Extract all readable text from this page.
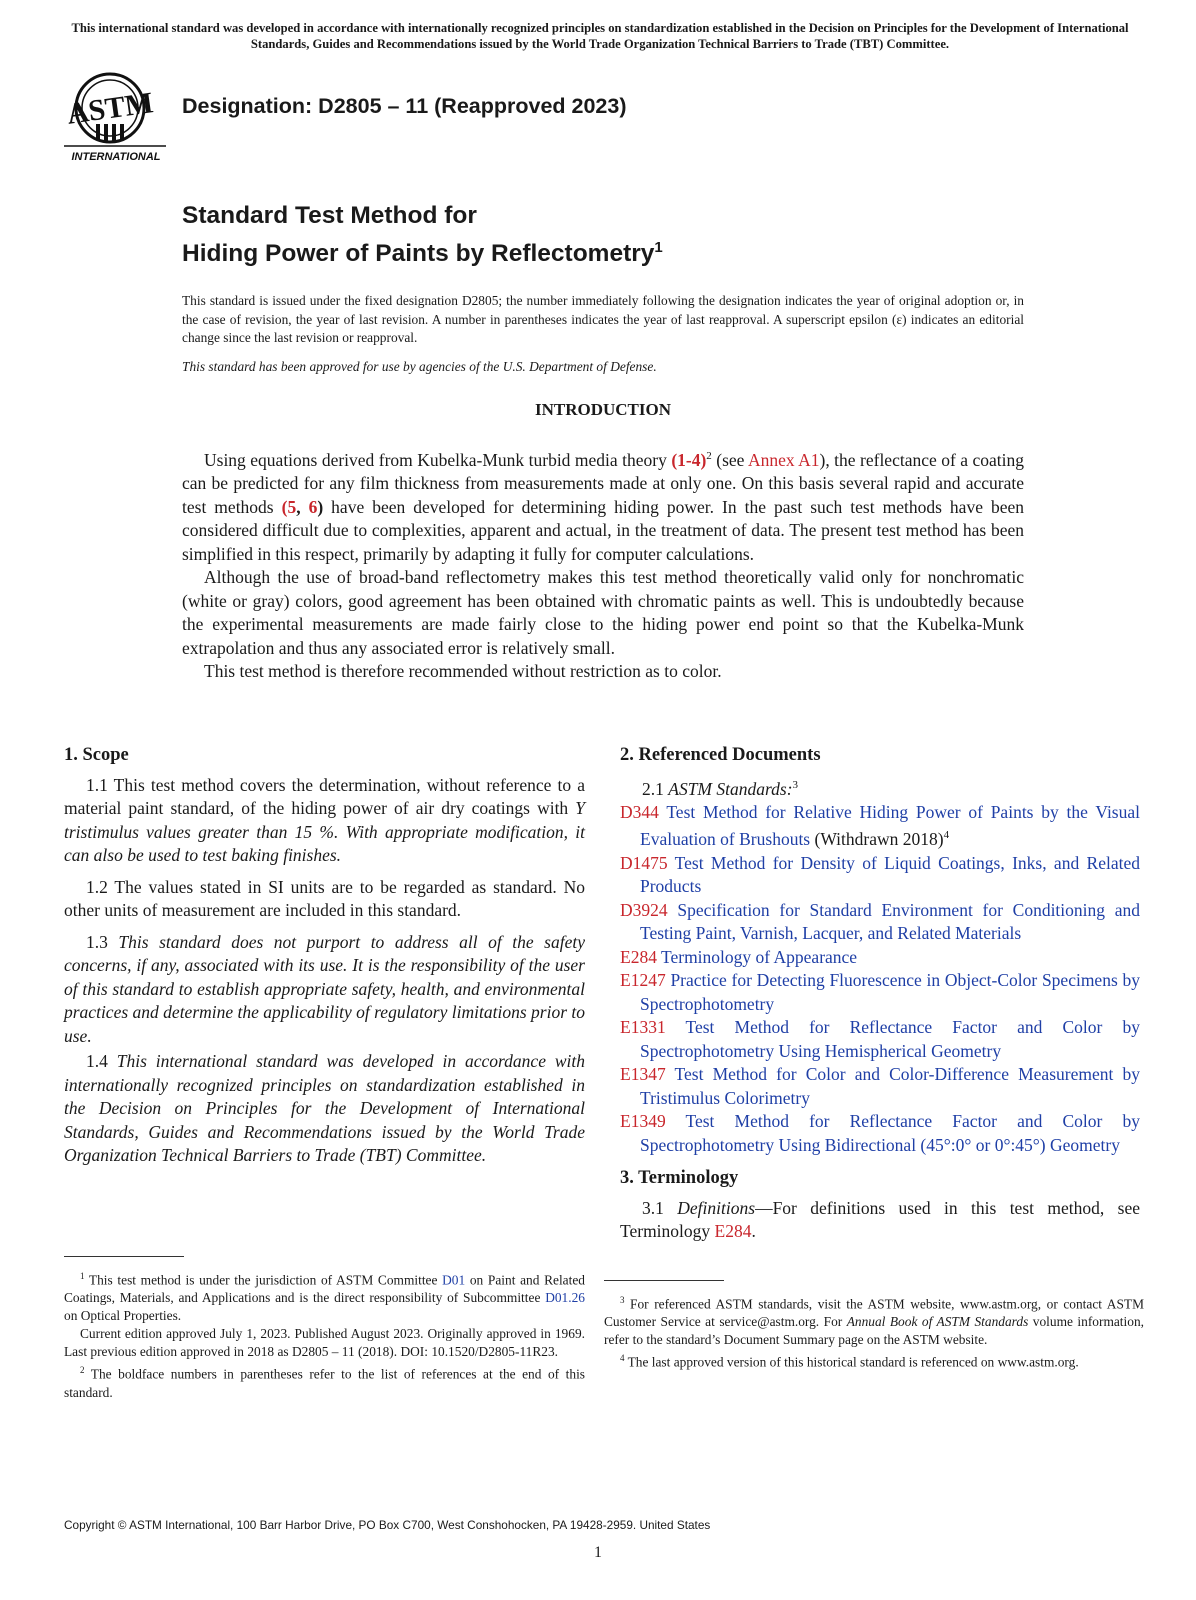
This international standard was developed in accordance with internationally recognized principles on standardization established in the Decision on Principles for the Development of International Standards, Guides and Recommendations issued by the World Trade Organization Technical Barriers to Trade (TBT) Committee.
ASTM
INTERNATIONAL
Designation: D2805 – 11 (Reapproved 2023)
Standard Test Method for
Hiding Power of Paints by Reflectometry$^1$
This standard is issued under the fixed designation D2805; the number immediately following the designation indicates the year of original adoption or, in the case of revision, the year of last revision. A number in parentheses indicates the year of last reapproval. A superscript epsilon (ε) indicates an editorial change since the last revision or reapproval.
This standard has been approved for use by agencies of the U.S. Department of Defense.
INTRODUCTION

Using equations derived from Kubelka-Munk turbid media theory $(1-4)^2$ (see Annex A1), the reflectance of a coating can be predicted for any film thickness from measurements made at only one. On this basis several rapid and accurate test methods (5, 6) have been developed for determining hiding power. In the past such test methods have been considered difficult due to complexities, apparent and actual, in the treatment of data. The present test method has been simplified in this respect, primarily by adapting it fully for computer calculations.

Although the use of broad-band reflectometry makes this test method theoretically valid only for nonchromatic (white or gray) colors, good agreement has been obtained with chromatic paints as well. This is undoubtedly because the experimental measurements are made fairly close to the hiding power end point so that the Kubelka-Munk extrapolation and thus any associated error is relatively small.

This test method is therefore recommended without restriction as to color.

1. Scope

1.1 This test method covers the determination, without reference to a material paint standard, of the hiding power of air dry coatings with Y tristimulus values greater than 15 %. With appropriate modification, it can also be used to test baking finishes.

1.2 The values stated in SI units are to be regarded as standard. No other units of measurement are included in this standard.

1.3 This standard does not purport to address all of the safety concerns, if any, associated with its use. It is the responsibility of the user of this standard to establish appropriate safety, health, and environmental practices and determine the applicability of regulatory limitations prior to use.

1.4 This international standard was developed in accordance with internationally recognized principles on standardization established in the Decision on Principles for the Development of International Standards, Guides and Recommendations issued by the World Trade Organization Technical Barriers to Trade (TBT) Committee.

$^1$ This test method is under the jurisdiction of ASTM Committee D01 on Paint and Related Coatings, Materials, and Applications and is the direct responsibility of Subcommittee D01.26 on Optical Properties.

Current edition approved July 1, 2023. Published August 2023. Originally approved in 1969. Last previous edition approved in 2018 as D2805 – 11 (2018). DOI: 10.1520/D2805-11R23.

$^2$ The boldface numbers in parentheses refer to the list of references at the end of this standard.

2. Referenced Documents

2.1 ASTM Standards:$^3$

D344 Test Method for Relative Hiding Power of Paints by the Visual Evaluation of Brushouts (Withdrawn 2018)$^4$
D1475 Test Method for Density of Liquid Coatings, Inks, and Related Products
D3924 Specification for Standard Environment for Conditioning and Testing Paint, Varnish, Lacquer, and Related Materials
E284 Terminology of Appearance
E1247 Practice for Detecting Fluorescence in Object-Color Specimens by Spectrophotometry
E1331 Test Method for Reflectance Factor and Color by Spectrophotometry Using Hemispherical Geometry
E1347 Test Method for Color and Color-Difference Measurement by Tristimulus Colorimetry
E1349 Test Method for Reflectance Factor and Color by Spectrophotometry Using Bidirectional (45°:0° or 0°:45°) Geometry
3. Terminology

3.1 Definitions—For definitions used in this test method, see Terminology E284.

$^3$ For referenced ASTM standards, visit the ASTM website, www.astm.org, or contact ASTM Customer Service at service@astm.org. For Annual Book of ASTM Standards volume information, refer to the standard’s Document Summary page on the ASTM website.

$^4$ The last approved version of this historical standard is referenced on www.astm.org.

Copyright © ASTM International, 100 Barr Harbor Drive, PO Box C700, West Conshohocken, PA 19428-2959. United States
1
